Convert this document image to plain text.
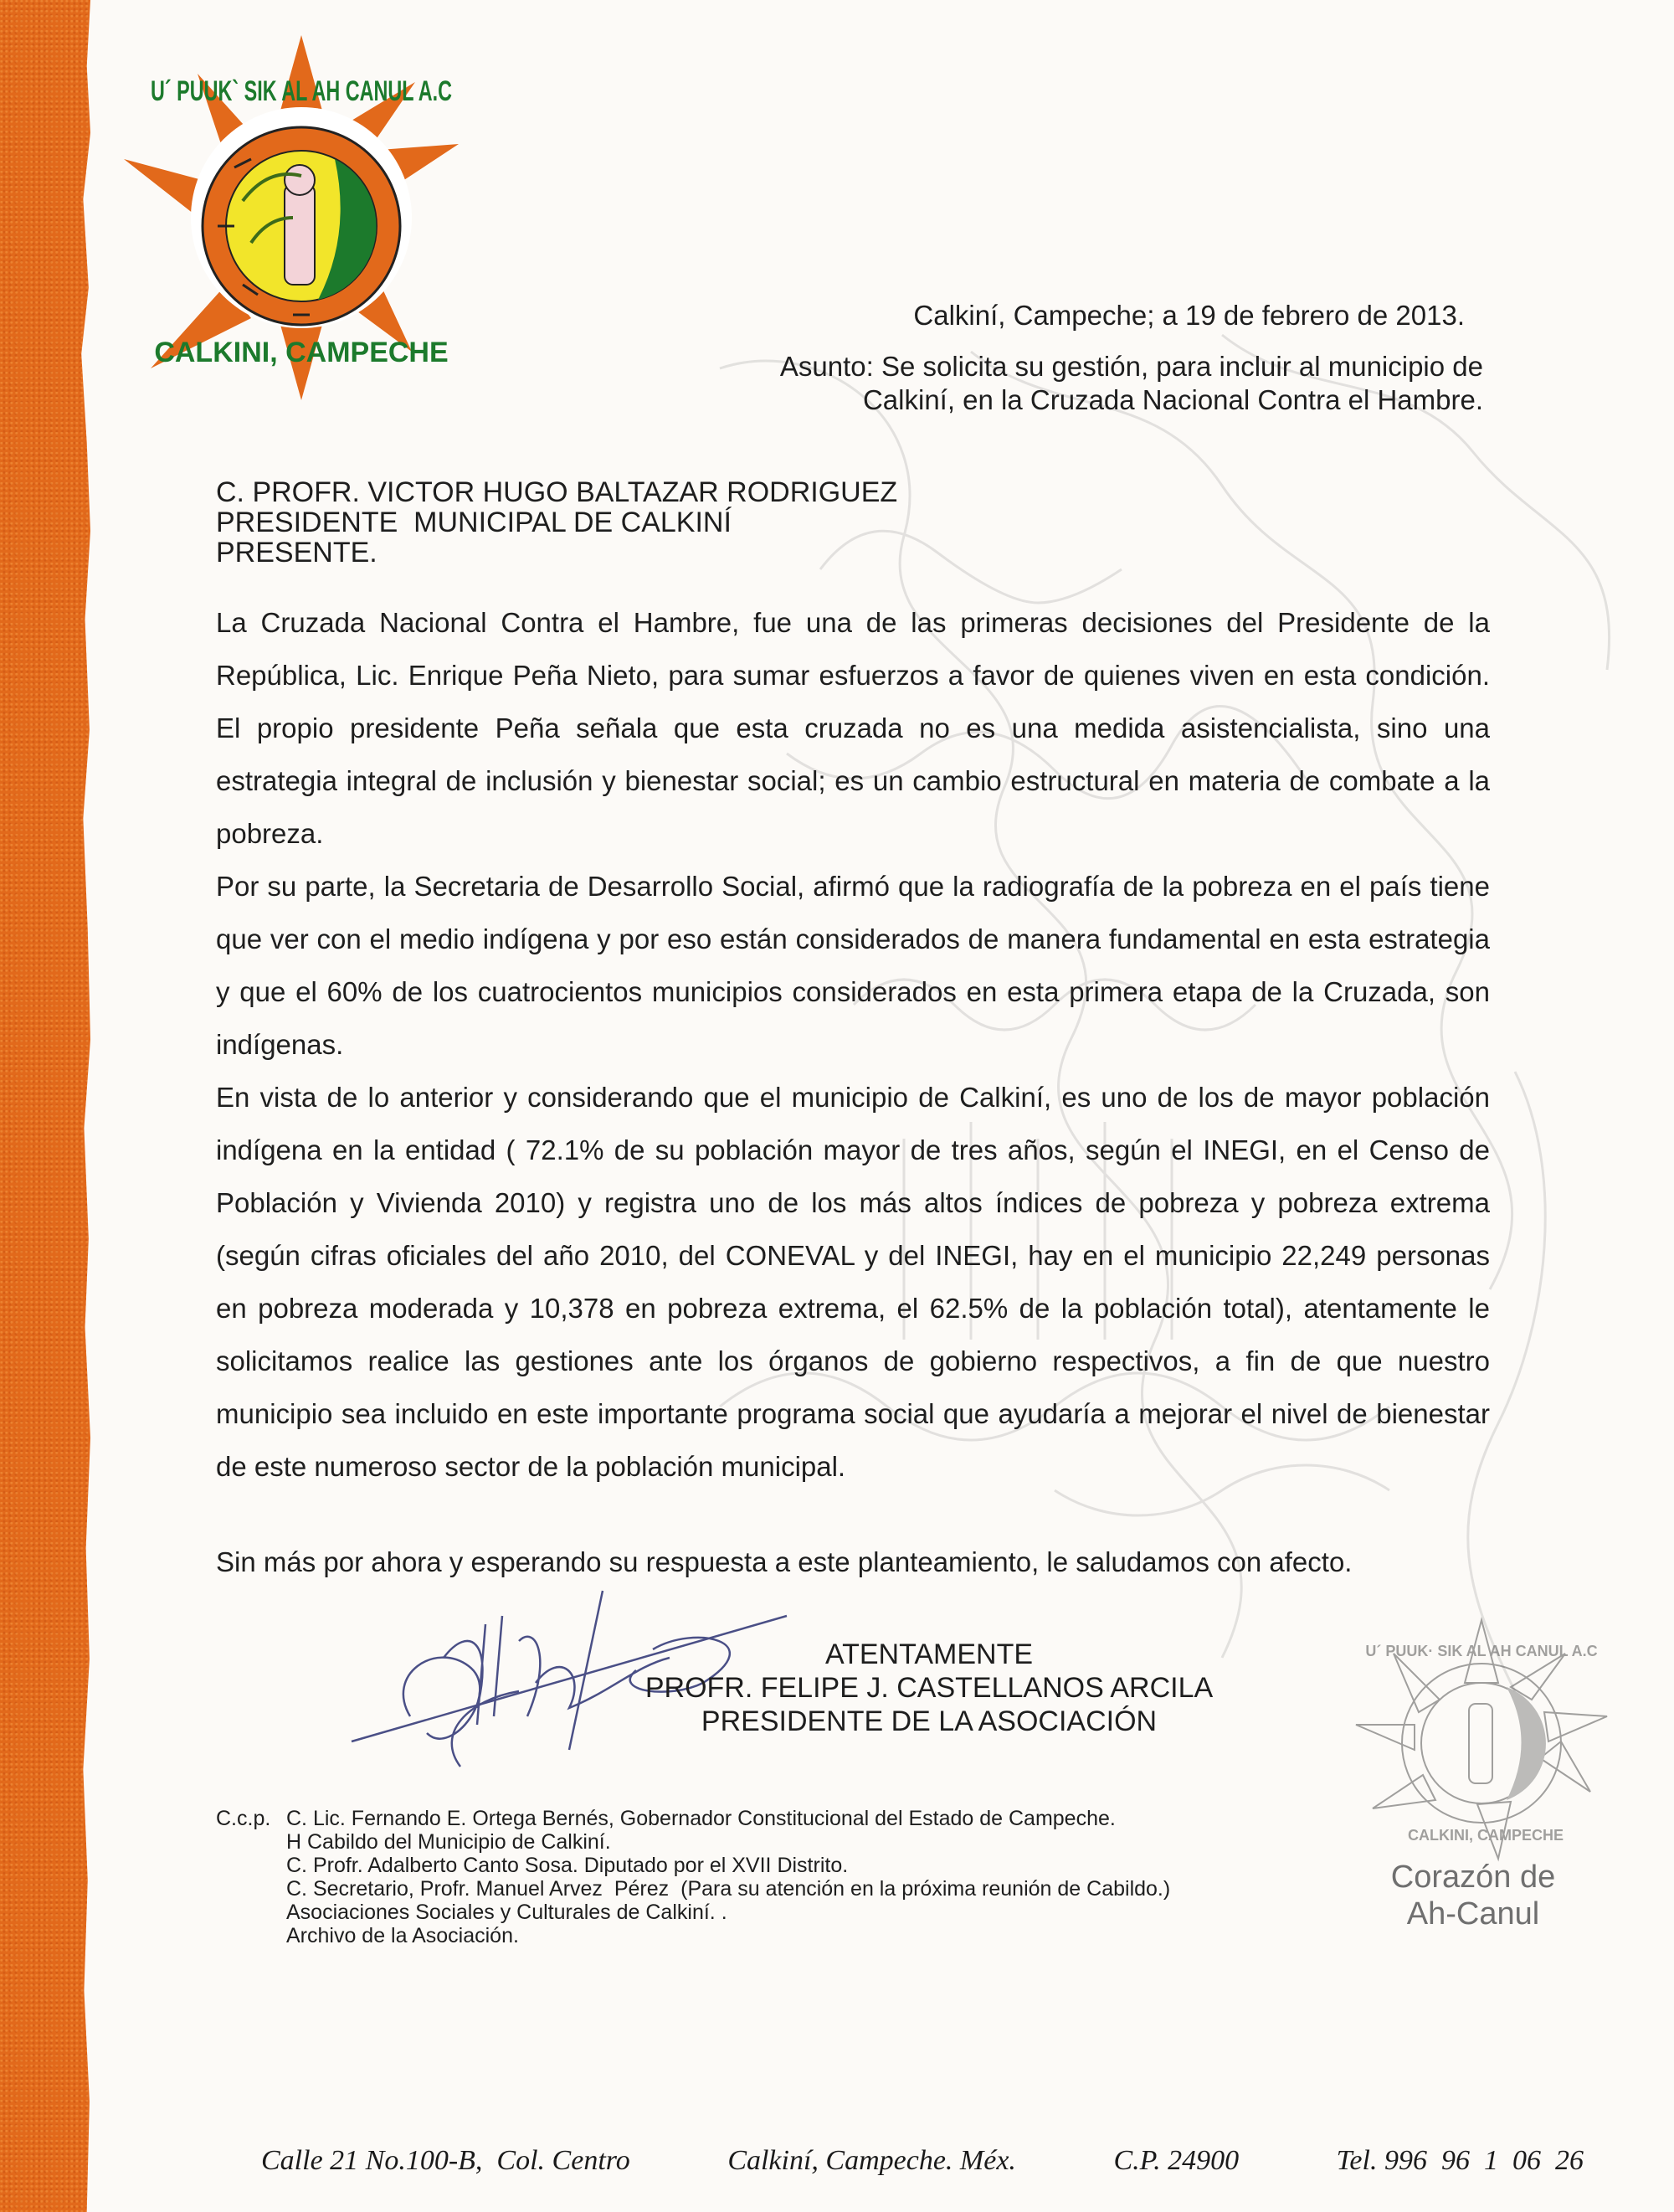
U´ PUUK` SIK AL AH CANUL A.C
CALKINI, CAMPECHE
Calkiní, Campeche; a 19 de febrero de 2013.
Asunto: Se solicita su gestión, para incluir al municipio de
Calkiní, en la Cruzada Nacional Contra el Hambre.
C. PROFR. VICTOR HUGO BALTAZAR RODRIGUEZ
PRESIDENTE  MUNICIPAL DE CALKINÍ
PRESENTE.

La Cruzada Nacional Contra el Hambre, fue una de las primeras decisiones del Presidente de la República, Lic. Enrique Peña Nieto, para sumar esfuerzos a favor de quienes viven en esta condición. El propio presidente Peña señala que esta cruzada no es una medida asistencialista, sino una estrategia integral de inclusión y bienestar social; es un cambio estructural en materia de combate a la pobreza.

Por su parte, la Secretaria de Desarrollo Social, afirmó que la radiografía de la pobreza en el país tiene que ver con el medio indígena y por eso están considerados de manera fundamental en esta estrategia y que el 60% de los cuatrocientos municipios considerados en esta primera etapa de la Cruzada, son indígenas.

En vista de lo anterior y considerando que el municipio de Calkiní, es uno de los de mayor población indígena en la entidad ( 72.1% de su población mayor de tres años, según el INEGI, en el Censo de Población y Vivienda 2010) y registra uno de los más altos índices de pobreza y pobreza extrema (según cifras oficiales del año 2010, del CONEVAL y del INEGI, hay en el municipio 22,249 personas en pobreza moderada y 10,378 en pobreza extrema, el 62.5% de la población total), atentamente le solicitamos realice las gestiones ante los órganos de gobierno respectivos, a fin de que nuestro municipio sea incluido en este importante programa social que ayudaría a mejorar el nivel de bienestar de este numeroso sector de la población municipal.

Sin más por ahora y esperando su respuesta a este planteamiento, le saludamos con afecto.
ATENTAMENTE
PROFR. FELIPE J. CASTELLANOS ARCILA
PRESIDENTE DE LA ASOCIACIÓN
C.c.p. C. Lic. Fernando E. Ortega Bernés, Gobernador Constitucional del Estado de Campeche.
H Cabildo del Municipio de Calkiní.
C. Profr. Adalberto Canto Sosa. Diputado por el XVII Distrito.
C. Secretario, Profr. Manuel Arvez  Pérez (Para su atención en la próxima reunión de Cabildo.)
Asociaciones Sociales y Culturales de Calkiní. .
Archivo de la Asociación.
U´ PUUK· SIK AL AH CANUL A.C
CALKINI, CAMPECHE
Corazón de
Ah-Canul
Calle 21 No.100-B,  Col. Centro	Calkiní, Campeche. Méx.	C.P. 24900	Tel. 996  96  1  06  26
